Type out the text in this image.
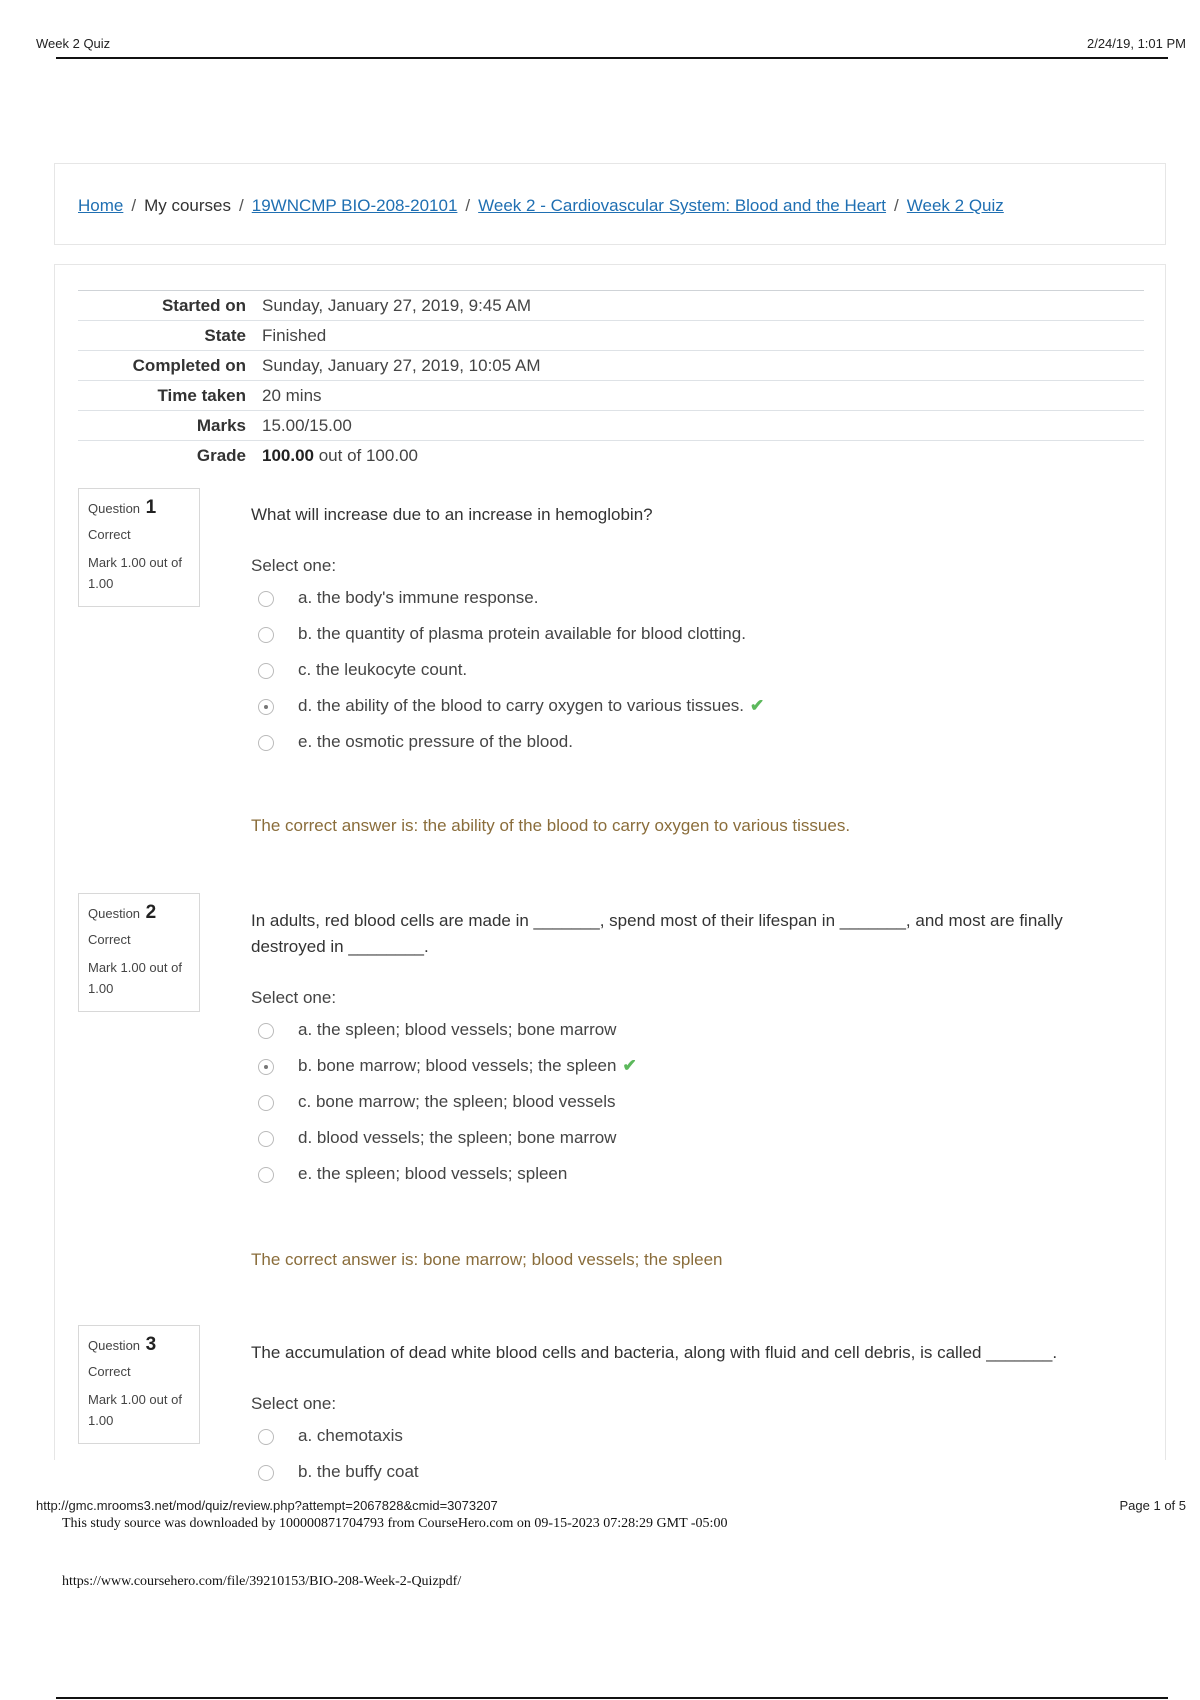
Week 2 Quiz	2/24/19, 1:01 PM
Home / My courses / 19WNCMP BIO-208-20101 / Week 2 - Cardiovascular System: Blood and the Heart / Week 2 Quiz
Started on	Sunday, January 27, 2019, 9:45 AM
State	Finished
Completed on	Sunday, January 27, 2019, 10:05 AM
Time taken	20 mins
Marks	15.00/15.00
Grade	100.00 out of 100.00
Question 1
Correct
Mark 1.00 out of 1.00
What will increase due to an increase in hemoglobin?
Select one:
a. the body's immune response.
b. the quantity of plasma protein available for blood clotting.
c. the leukocyte count.
d. the ability of the blood to carry oxygen to various tissues. ✔
e. the osmotic pressure of the blood.
The correct answer is: the ability of the blood to carry oxygen to various tissues.
Question 2
Correct
Mark 1.00 out of 1.00
In adults, red blood cells are made in _______, spend most of their lifespan in _______, and most are finally destroyed in ________.
Select one:
a. the spleen; blood vessels; bone marrow
b. bone marrow; blood vessels; the spleen ✔
c. bone marrow; the spleen; blood vessels
d. blood vessels; the spleen; bone marrow
e. the spleen; blood vessels; spleen
The correct answer is: bone marrow; blood vessels; the spleen
Question 3
Correct
Mark 1.00 out of 1.00
The accumulation of dead white blood cells and bacteria, along with fluid and cell debris, is called _______.
Select one:
a. chemotaxis
b. the buffy coat
http://gmc.mrooms3.net/mod/quiz/review.php?attempt=2067828&cmid=3073207	Page 1 of 5
This study source was downloaded by 100000871704793 from CourseHero.com on 09-15-2023 07:28:29 GMT -05:00
https://www.coursehero.com/file/39210153/BIO-208-Week-2-Quizpdf/
